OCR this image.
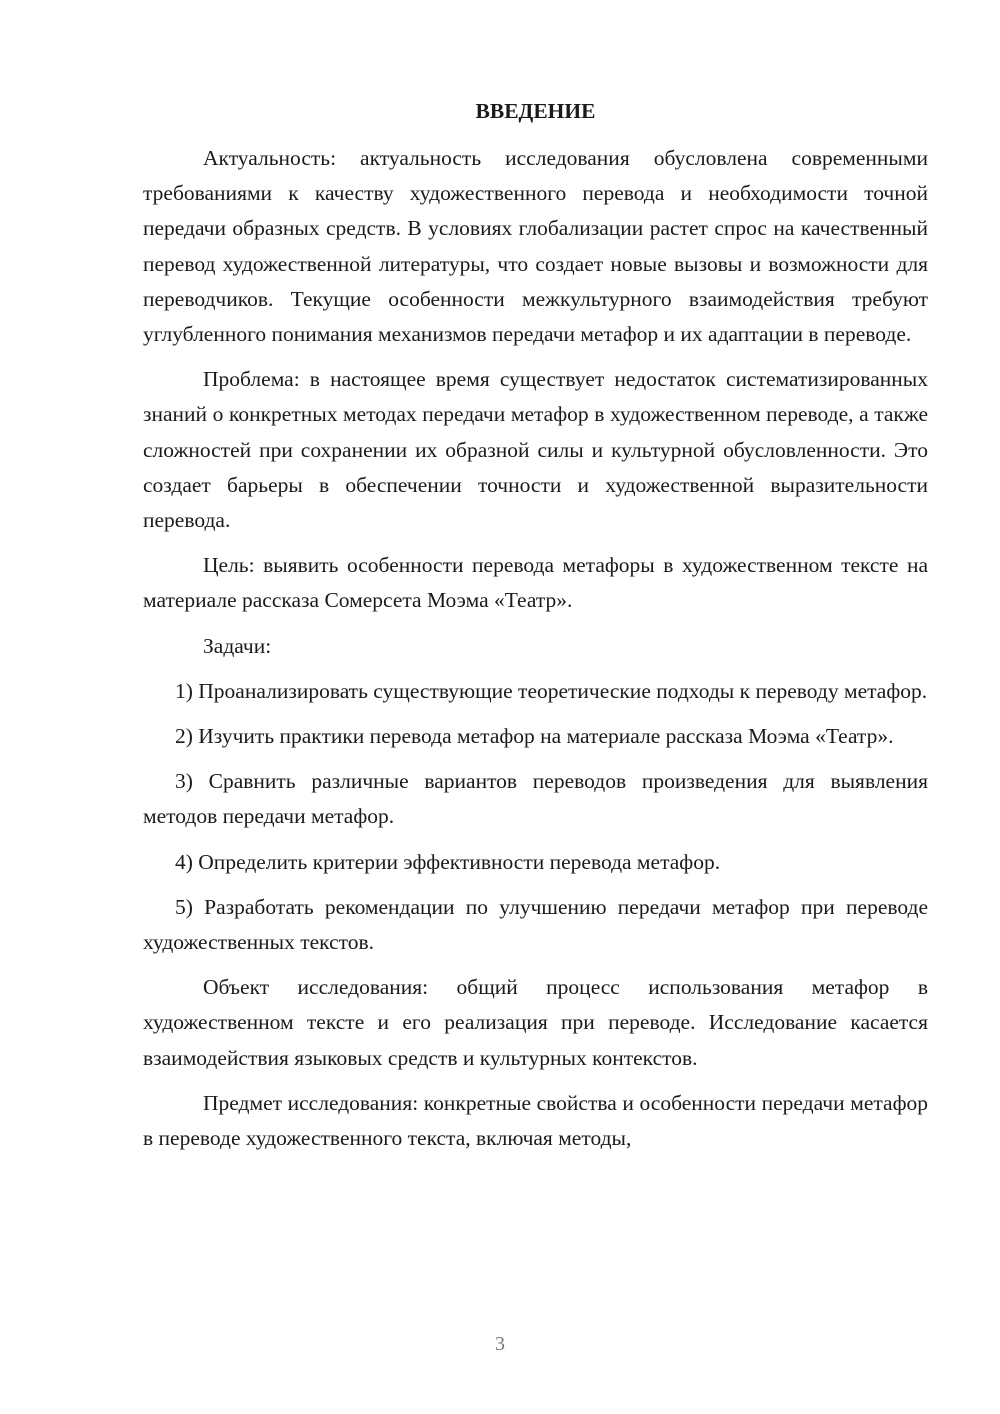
ВВЕДЕНИЕ

Актуальность: актуальность исследования обусловлена современными требованиями к качеству художественного перевода и необходимости точной передачи образных средств. В условиях глобализации растет спрос на качественный перевод художественной литературы, что создает новые вызовы и возможности для переводчиков. Текущие особенности межкультурного взаимодействия требуют углубленного понимания механизмов передачи метафор и их адаптации в переводе.

Проблема: в настоящее время существует недостаток систематизированных знаний о конкретных методах передачи метафор в художественном переводе, а также сложностей при сохранении их образной силы и культурной обусловленности. Это создает барьеры в обеспечении точности и художественной выразительности перевода.

Цель: выявить особенности перевода метафоры в художественном тексте на материале рассказа Сомерсета Моэма «Театр».

Задачи:

1) Проанализировать существующие теоретические подходы к переводу метафор.

2) Изучить практики перевода метафор на материале рассказа Моэма «Театр».

3) Сравнить различные вариантов переводов произведения для выявления методов передачи метафор.

4) Определить критерии эффективности перевода метафор.

5) Разработать рекомендации по улучшению передачи метафор при переводе художественных текстов.

Объект исследования: общий процесс использования метафор в художественном тексте и его реализация при переводе. Исследование касается взаимодействия языковых средств и культурных контекстов.

Предмет исследования: конкретные свойства и особенности передачи метафор в переводе художественного текста, включая методы,

3
